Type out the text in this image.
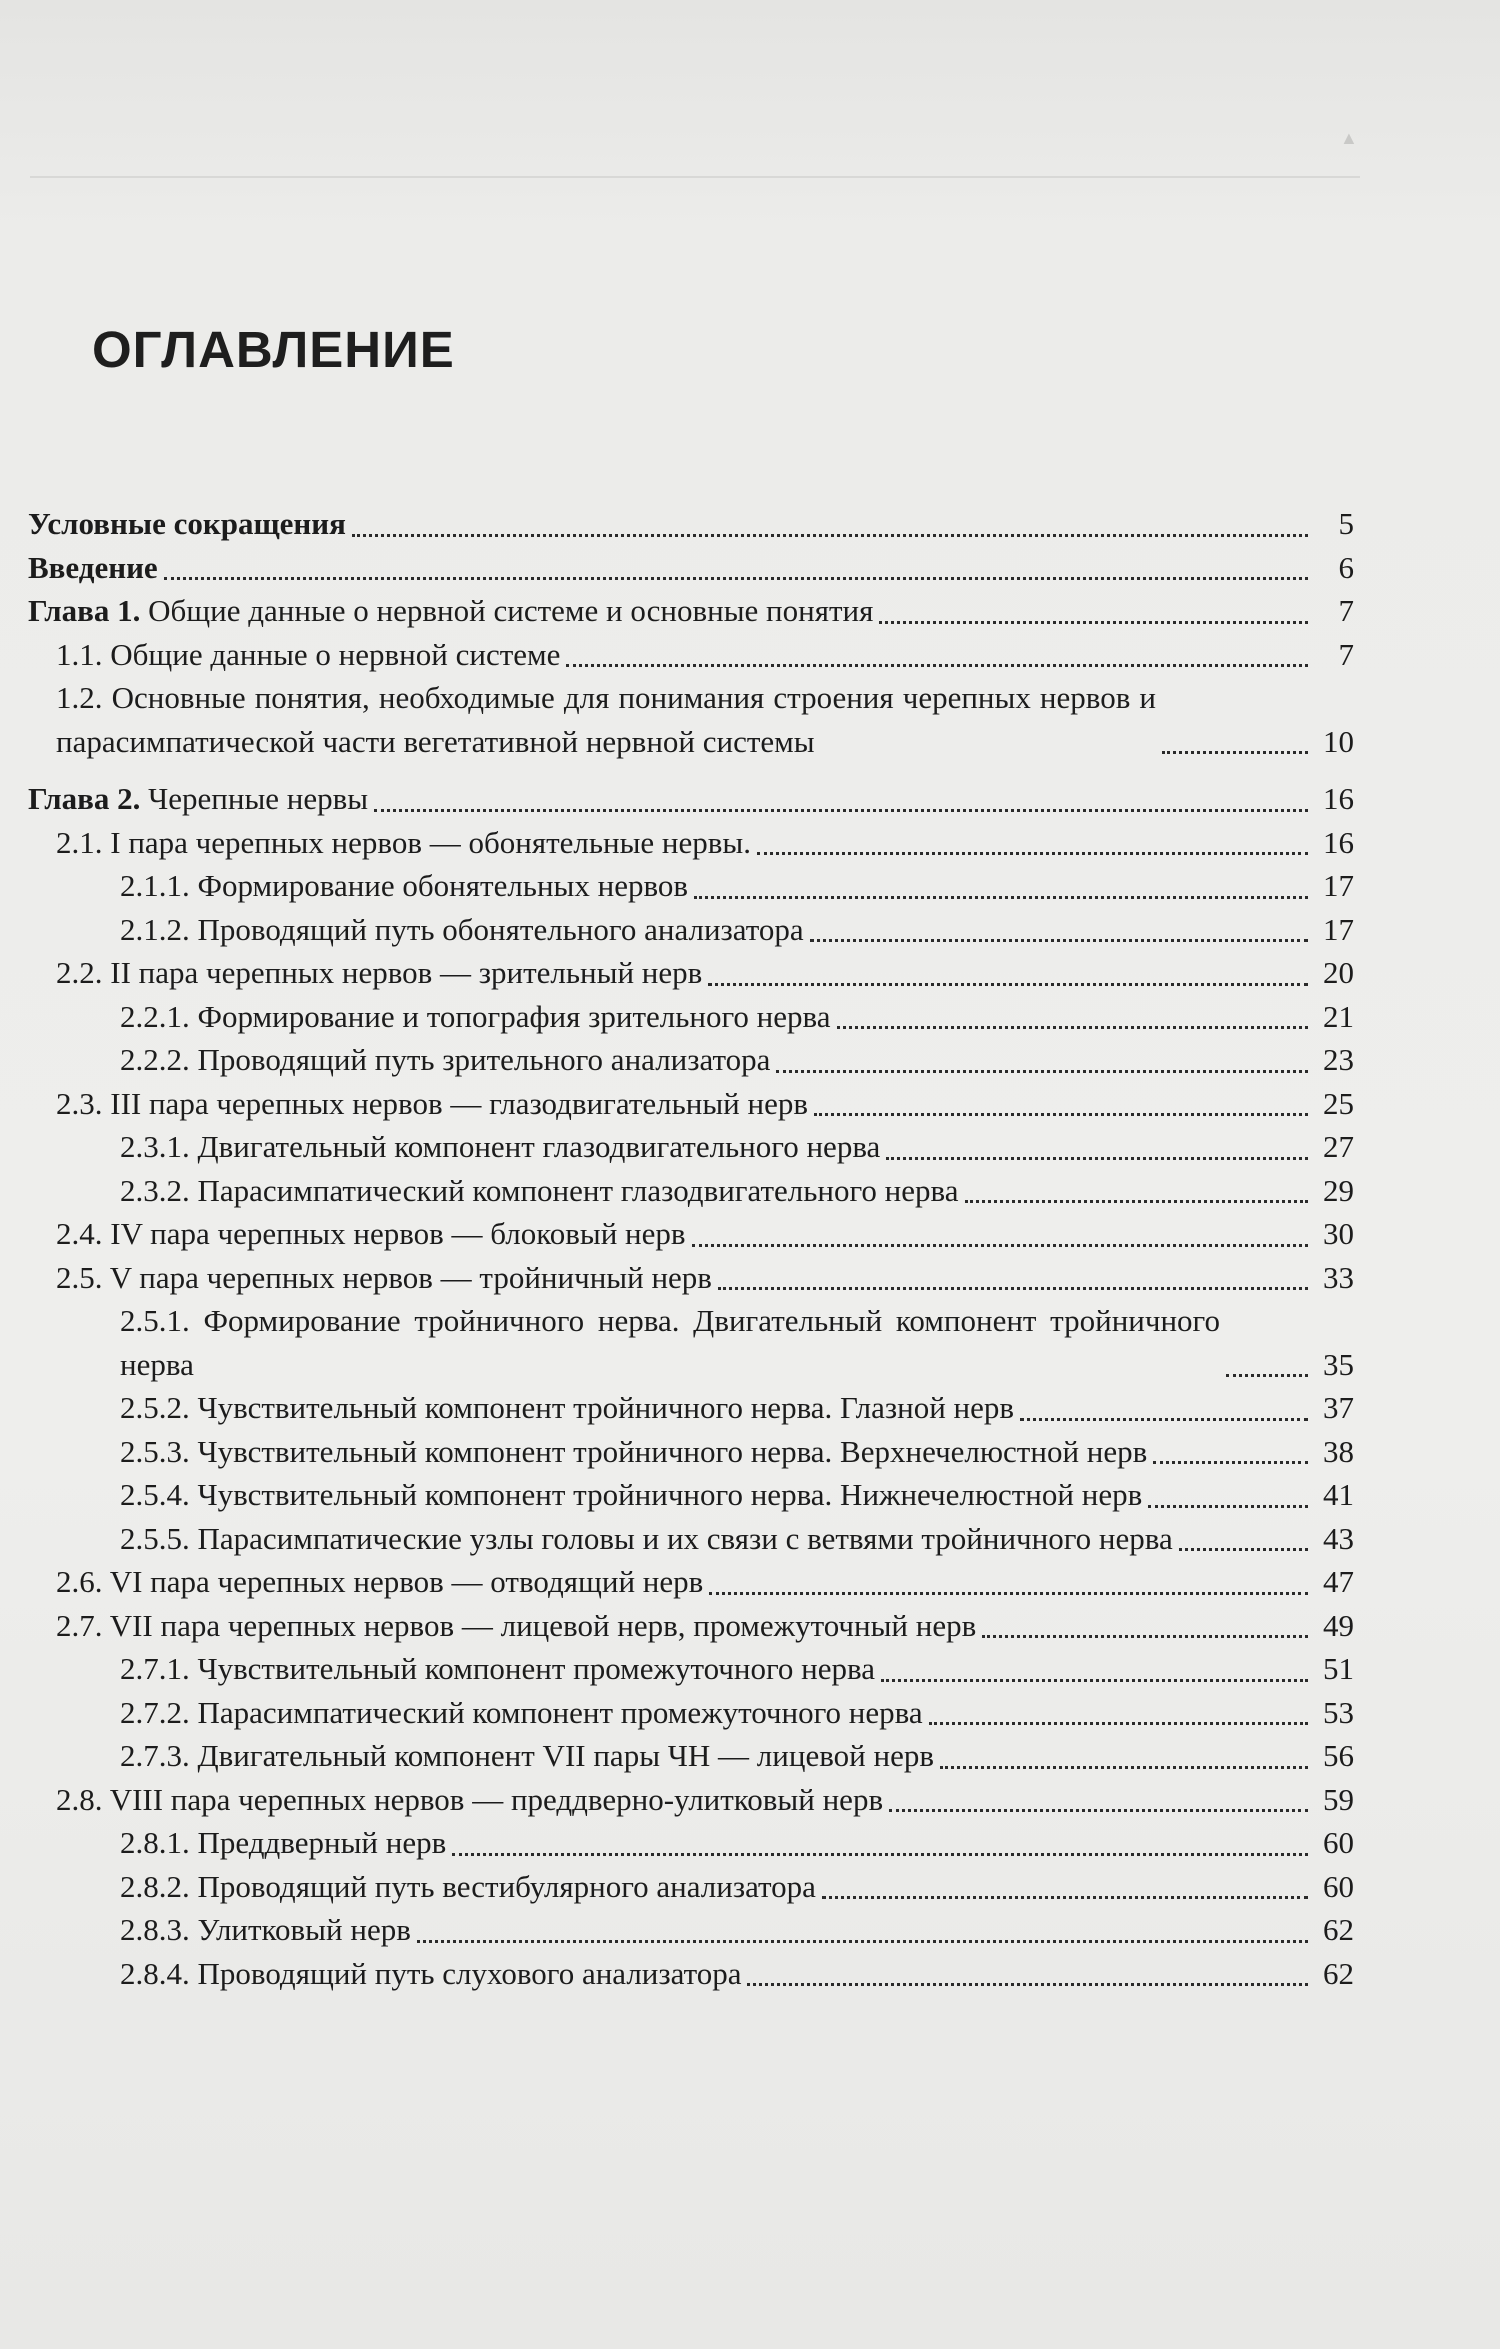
▲
ОГЛАВЛЕНИЕ
Условные сокращения	5
Введение	6
Глава 1. Общие данные о нервной системе и основные понятия	7
1.1. Общие данные о нервной системе	7
1.2. Основные понятия, необходимые для понимания строения черепных нервов и парасимпатической части вегетативной нервной системы	10
Глава 2. Черепные нервы	16
2.1. I пара черепных нервов — обонятельные нервы.	16
2.1.1. Формирование обонятельных нервов	17
2.1.2. Проводящий путь обонятельного анализатора	17
2.2. II пара черепных нервов — зрительный нерв	20
2.2.1. Формирование и топография зрительного нерва	21
2.2.2. Проводящий путь зрительного анализатора	23
2.3. III пара черепных нервов — глазодвигательный нерв	25
2.3.1. Двигательный компонент глазодвигательного нерва	27
2.3.2. Парасимпатический компонент глазодвигательного нерва	29
2.4. IV пара черепных нервов — блоковый нерв	30
2.5. V пара черепных нервов — тройничный нерв	33
2.5.1. Формирование тройничного нерва. Двигательный компонент тройничного нерва	35
2.5.2. Чувствительный компонент тройничного нерва. Глазной нерв	37
2.5.3. Чувствительный компонент тройничного нерва. Верхнечелюстной нерв	38
2.5.4. Чувствительный компонент тройничного нерва. Нижнечелюстной нерв	41
2.5.5. Парасимпатические узлы головы и их связи с ветвями тройничного нерва	43
2.6. VI пара черепных нервов — отводящий нерв	47
2.7. VII пара черепных нервов — лицевой нерв, промежуточный нерв	49
2.7.1. Чувствительный компонент промежуточного нерва	51
2.7.2. Парасимпатический компонент промежуточного нерва	53
2.7.3. Двигательный компонент VII пары ЧН — лицевой нерв	56
2.8. VIII пара черепных нервов — преддверно-улитковый нерв	59
2.8.1. Преддверный нерв	60
2.8.2. Проводящий путь вестибулярного анализатора	60
2.8.3. Улитковый нерв	62
2.8.4. Проводящий путь слухового анализатора	62
